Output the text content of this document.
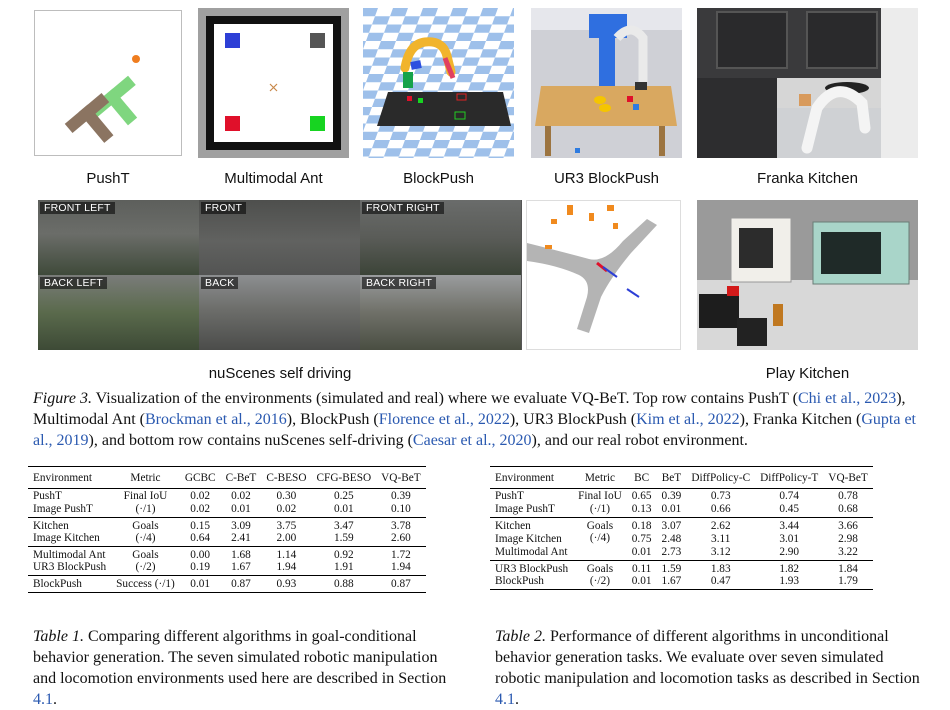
PushT	Multimodal Ant	BlockPush	UR3 BlockPush	Franka Kitchen
FRONT LEFT	FRONT	FRONT RIGHT
BACK LEFT	BACK	BACK RIGHT
nuScenes self driving	Play Kitchen
Figure 3. Visualization of the environments (simulated and real) where we evaluate VQ-BeT. Top row contains PushT (Chi et al., 2023), Multimodal Ant (Brockman et al., 2016), BlockPush (Florence et al., 2022), UR3 BlockPush (Kim et al., 2022), Franka Kitchen (Gupta et al., 2019), and bottom row contains nuScenes self-driving (Caesar et al., 2020), and our real robot environment.
Environment	Metric	GCBC	C-BeT	C-BESO	CFG-BESO	VQ-BeT
PushT	Final IoU	0.02	0.02	0.30	0.25	0.39
Image PushT	(·/1)	0.02	0.01	0.02	0.01	0.10
Kitchen	Goals	0.15	3.09	3.75	3.47	3.78
Image Kitchen	(·/4)	0.64	2.41	2.00	1.59	2.60
Multimodal Ant	Goals	0.00	1.68	1.14	0.92	1.72
UR3 BlockPush	(·/2)	0.19	1.67	1.94	1.91	1.94
BlockPush	Success (·/1)	0.01	0.87	0.93	0.88	0.87
Environment	Metric	BC	BeT	DiffPolicy-C	DiffPolicy-T	VQ-BeT
PushT	Final IoU	0.65	0.39	0.73	0.74	0.78
Image PushT	(·/1)	0.13	0.01	0.66	0.45	0.68
Kitchen	Goals	0.18	3.07	2.62	3.44	3.66
Image Kitchen	(·/4)	0.75	2.48	3.11	3.01	2.98
Multimodal Ant		0.01	2.73	3.12	2.90	3.22
UR3 BlockPush	Goals	0.11	1.59	1.83	1.82	1.84
BlockPush	(·/2)	0.01	1.67	0.47	1.93	1.79
Table 1. Comparing different algorithms in goal-conditional behavior generation. The seven simulated robotic manipulation and locomotion environments used here are described in Section 4.1.
Table 2. Performance of different algorithms in unconditional behavior generation tasks. We evaluate over seven simulated robotic manipulation and locomotion tasks as described in Section 4.1.
